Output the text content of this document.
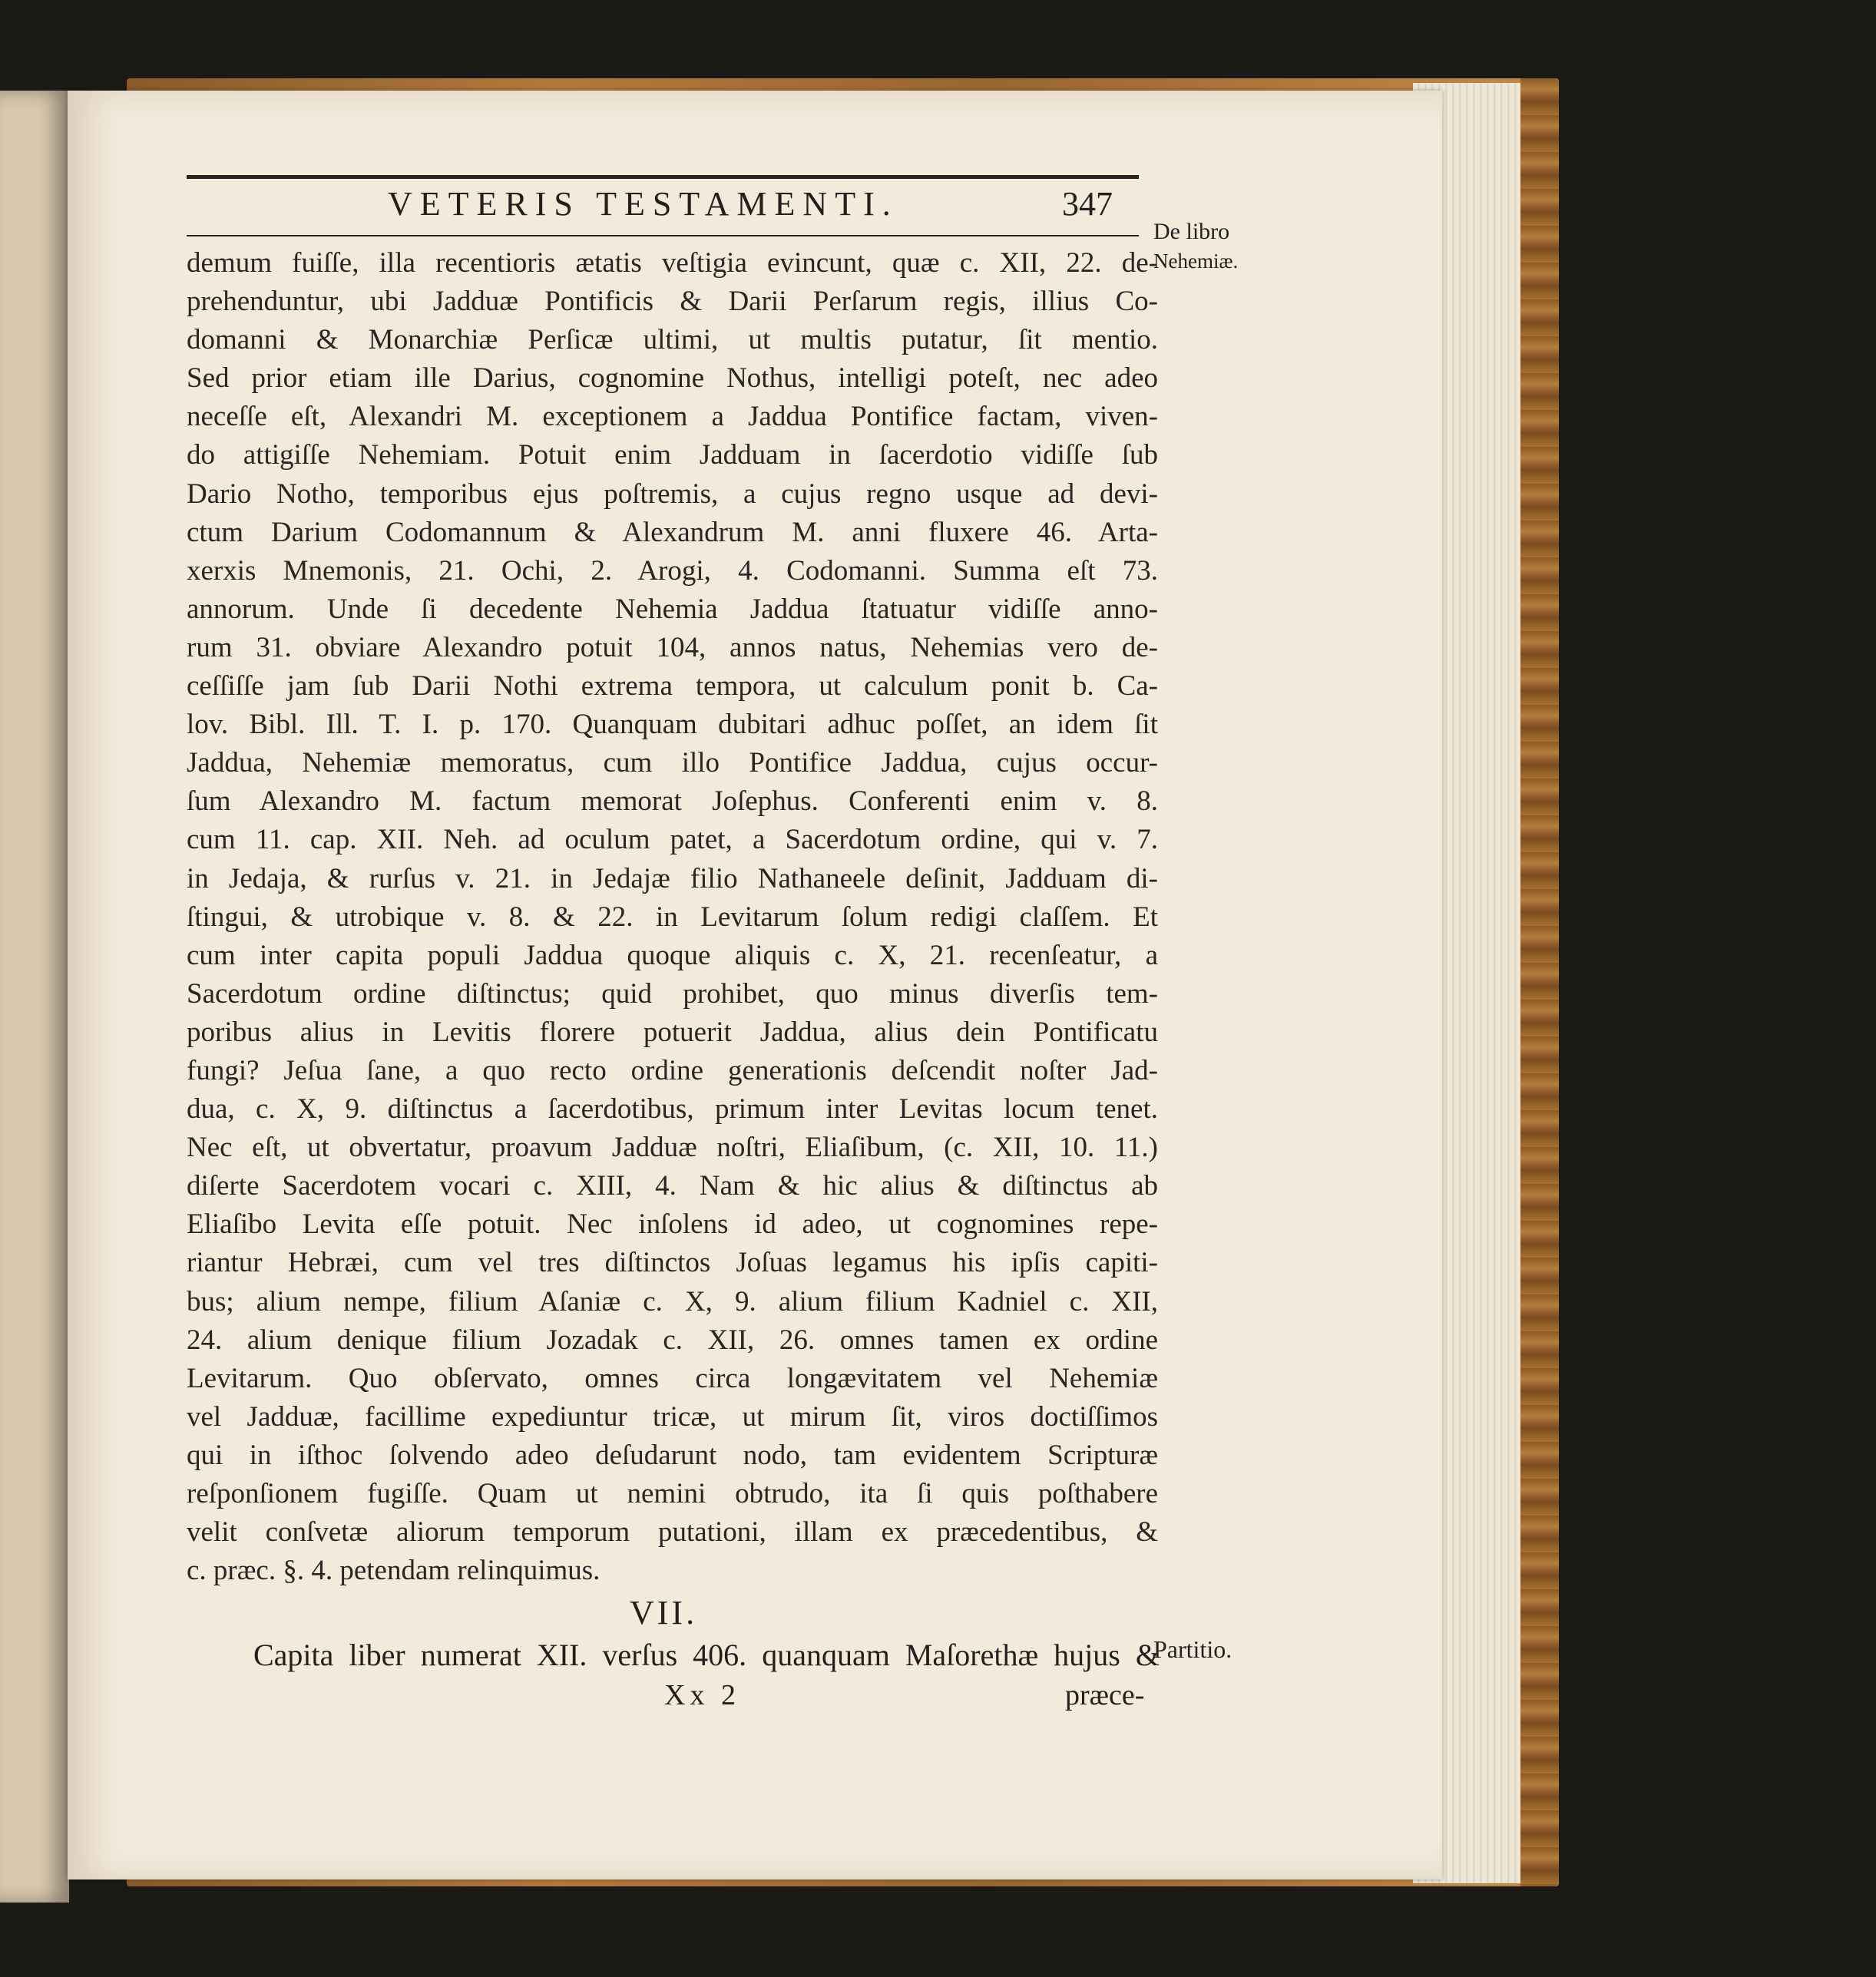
VETERIS TESTAMENTI.	347
De libro
Nehemiæ.
demum fuiſſe, illa recentioris ætatis veſtigia evincunt, quæ c. XII, 22. de-
prehenduntur, ubi Jadduæ Pontificis & Darii Perſarum regis, illius Co-
domanni & Monarchiæ Perſicæ ultimi, ut multis putatur, ſit mentio.
Sed prior etiam ille Darius, cognomine Nothus, intelligi poteſt, nec adeo
neceſſe eſt, Alexandri M. exceptionem a Jaddua Pontifice factam, viven-
do attigiſſe Nehemiam. Potuit enim Jadduam in ſacerdotio vidiſſe ſub
Dario Notho, temporibus ejus poſtremis, a cujus regno usque ad devi-
ctum Darium Codomannum & Alexandrum M. anni fluxere 46. Arta-
xerxis Mnemonis, 21. Ochi, 2. Arogi, 4. Codomanni. Summa eſt 73.
annorum. Unde ſi decedente Nehemia Jaddua ſtatuatur vidiſſe anno-
rum 31. obviare Alexandro potuit 104, annos natus, Nehemias vero de-
ceſſiſſe jam ſub Darii Nothi extrema tempora, ut calculum ponit b. Ca-
lov. Bibl. Ill. T. I. p. 170. Quanquam dubitari adhuc poſſet, an idem ſit
Jaddua, Nehemiæ memoratus, cum illo Pontifice Jaddua, cujus occur-
ſum Alexandro M. factum memorat Joſephus. Conferenti enim v. 8.
cum 11. cap. XII. Neh. ad oculum patet, a Sacerdotum ordine, qui v. 7.
in Jedaja, & rurſus v. 21. in Jedajæ filio Nathaneele deſinit, Jadduam di-
ſtingui, & utrobique v. 8. & 22. in Levitarum ſolum redigi claſſem. Et
cum inter capita populi Jaddua quoque aliquis c. X, 21. recenſeatur, a
Sacerdotum ordine diſtinctus; quid prohibet, quo minus diverſis tem-
poribus alius in Levitis florere potuerit Jaddua, alius dein Pontificatu
fungi? Jeſua ſane, a quo recto ordine generationis deſcendit noſter Jad-
dua, c. X, 9. diſtinctus a ſacerdotibus, primum inter Levitas locum tenet.
Nec eſt, ut obvertatur, proavum Jadduæ noſtri, Eliaſibum, (c. XII, 10. 11.)
diſerte Sacerdotem vocari c. XIII, 4. Nam & hic alius & diſtinctus ab
Eliaſibo Levita eſſe potuit. Nec inſolens id adeo, ut cognomines repe-
riantur Hebræi, cum vel tres diſtinctos Joſuas legamus his ipſis capiti-
bus; alium nempe, filium Aſaniæ c. X, 9. alium filium Kadniel c. XII,
24. alium denique filium Jozadak c. XII, 26. omnes tamen ex ordine
Levitarum. Quo obſervato, omnes circa longævitatem vel Nehemiæ
vel Jadduæ, facillime expediuntur tricæ, ut mirum ſit, viros doctiſſimos
qui in iſthoc ſolvendo adeo deſudarunt nodo, tam evidentem Scripturæ
reſponſionem fugiſſe. Quam ut nemini obtrudo, ita ſi quis poſthabere
velit conſvetæ aliorum temporum putationi, illam ex præcedentibus, &
c. præc. §. 4. petendam relinquimus.
VII.
Capita liber numerat XII. verſus 406. quanquam Maſorethæ hujus &
Partitio.
Xx 2	præce-
